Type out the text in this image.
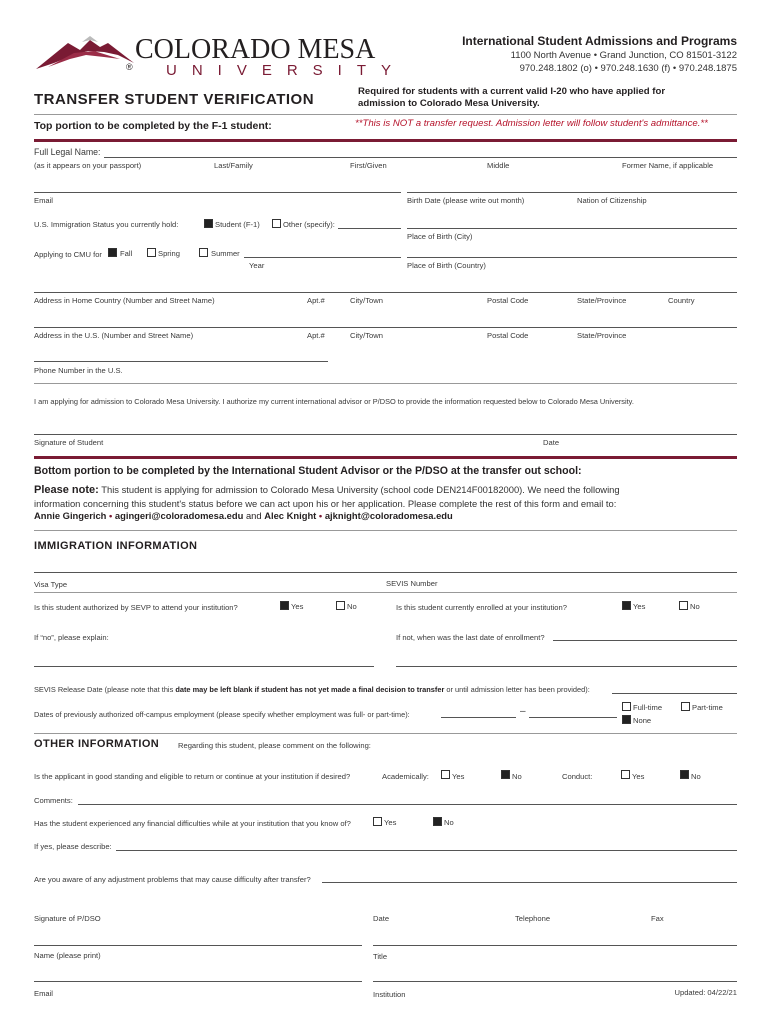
COLORADO MESA
® UNIVERSITY
International Student Admissions and Programs
1100 North Avenue • Grand Junction, CO 81501-3122
970.248.1802 (o) • 970.248.1630 (f) • 970.248.1875
TRANSFER STUDENT VERIFICATION	Required for students with a current valid I-20 who have applied for admission to Colorado Mesa University.
Top portion to be completed by the F-1 student:	**This is NOT a transfer request. Admission letter will follow student's admittance.**
Full Legal Name:
(as it appears on your passport)	Last/Family	First/Given	Middle	Former Name, if applicable
Email	Birth Date (please write out month)	Nation of Citizenship
U.S. Immigration Status you currently hold:	Student (F-1)	Other (specify):
Place of Birth (City)
Applying to CMU for Fall	Spring	Summer
Year	Place of Birth (Country)
Address in Home Country (Number and Street Name)	Apt.#	City/Town	Postal Code	State/Province	Country
Address in the U.S. (Number and Street Name)	Apt.#	City/Town	Postal Code	State/Province
Phone Number in the U.S.
I am applying for admission to Colorado Mesa University. I authorize my current international advisor or P/DSO to provide the information requested below to Colorado Mesa University.
Signature of Student	Date
Bottom portion to be completed by the International Student Advisor or the P/DSO at the transfer out school:
Please note: This student is applying for admission to Colorado Mesa University (school code DEN214F00182000). We need the following
information concerning this student's status before we can act upon his or her application. Please complete the rest of this form and email to:
Annie Gingerich • agingeri@coloradomesa.edu and Alec Knight • ajknight@coloradomesa.edu
IMMIGRATION INFORMATION
Visa Type	SEVIS Number
Is this student authorized by SEVP to attend your institution?	Yes	No	Is this student currently enrolled at your institution?	Yes	No
If “no”, please explain:	If not, when was the last date of enrollment?
SEVIS Release Date (please note that this date may be left blank if student has not yet made a final decision to transfer or until admission letter has been provided):
Full-time	Part-time
None
Dates of previously authorized off-campus employment (please specify whether employment was full- or part-time):	–
OTHER INFORMATION Regarding this student, please comment on the following:
Is the applicant in good standing and eligible to return or continue at your institution if desired?	Academically:	Yes	No	Conduct:	Yes	No
Comments:
Has the student experienced any financial difficulties while at your institution that you know of?	Yes	No
If yes, please describe:
Are you aware of any adjustment problems that may cause difficulty after transfer?
Signature of P/DSO	Date	Telephone	Fax
Name (please print)	Title
Email	Institution	Updated: 04/22/21
